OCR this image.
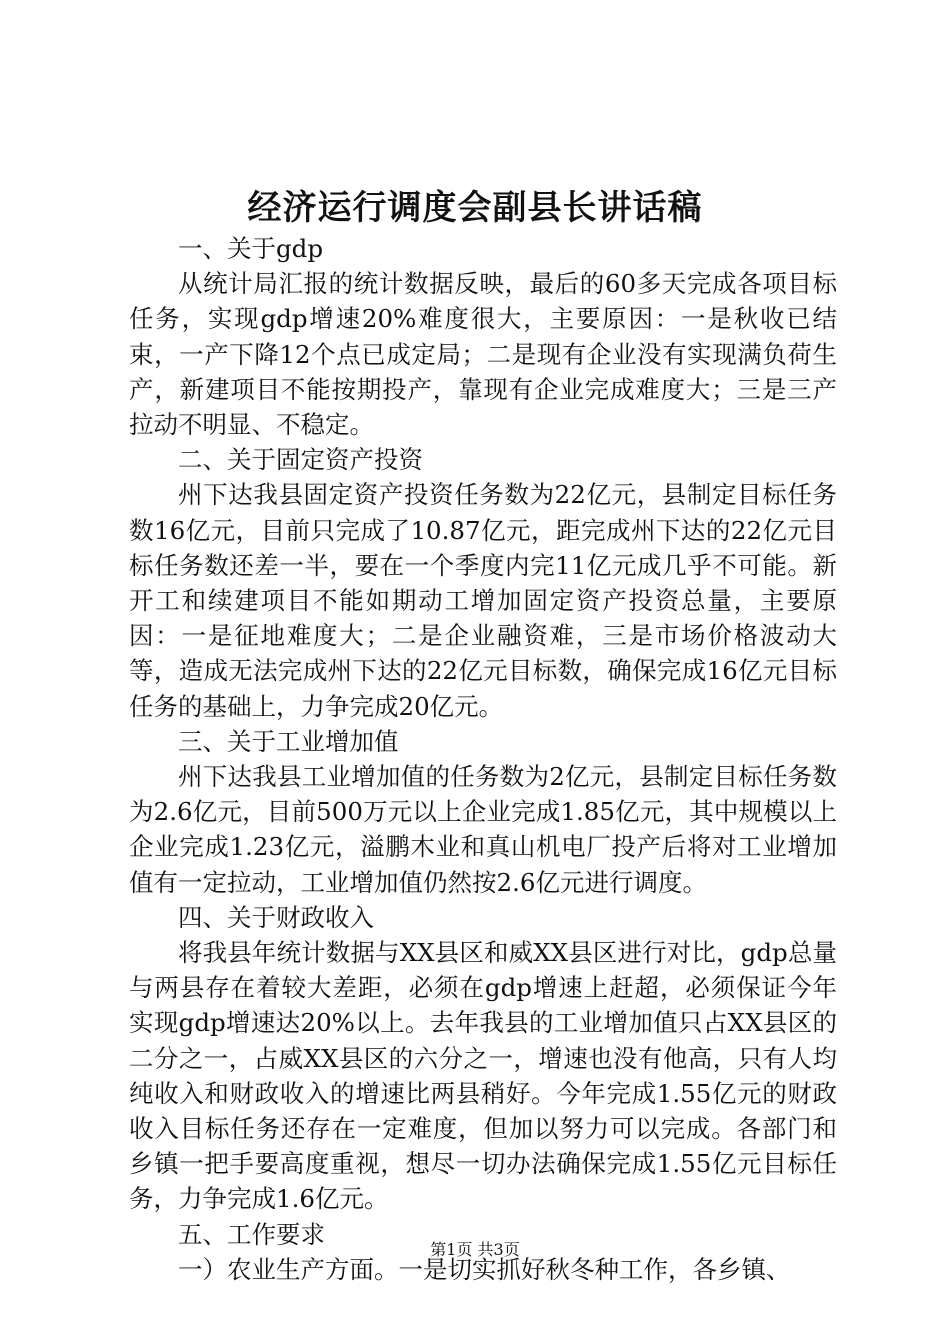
经济运行调度会副县长讲话稿

一、关于gdp

从统计局汇报的统计数据反映，最后的60多天完成各项目标任务，实现gdp增速20%难度很大，主要原因：一是秋收已结束，一产下降12个点已成定局；二是现有企业没有实现满负荷生产，新建项目不能按期投产，靠现有企业完成难度大；三是三产拉动不明显、不稳定。

二、关于固定资产投资

州下达我县固定资产投资任务数为22亿元，县制定目标任务数16亿元，目前只完成了10.87亿元，距完成州下达的22亿元目标任务数还差一半，要在一个季度内完11亿元成几乎不可能。新开工和续建项目不能如期动工增加固定资产投资总量，主要原因：一是征地难度大；二是企业融资难，三是市场价格波动大等，造成无法完成州下达的22亿元目标数，确保完成16亿元目标任务的基础上，力争完成20亿元。

三、关于工业增加值

州下达我县工业增加值的任务数为2亿元，县制定目标任务数为2.6亿元，目前500万元以上企业完成1.85亿元，其中规模以上企业完成1.23亿元，溢鹏木业和真山机电厂投产后将对工业增加值有一定拉动，工业增加值仍然按2.6亿元进行调度。

四、关于财政收入

将我县年统计数据与XX县区和威XX县区进行对比，gdp总量与两县存在着较大差距，必须在gdp增速上赶超，必须保证今年实现gdp增速达20%以上。去年我县的工业增加值只占XX县区的二分之一，占威XX县区的六分之一，增速也没有他高，只有人均纯收入和财政收入的增速比两县稍好。今年完成1.55亿元的财政收入目标任务还存在一定难度，但加以努力可以完成。各部门和乡镇一把手要高度重视，想尽一切办法确保完成1.55亿元目标任务，力争完成1.6亿元。

五、工作要求

一）农业生产方面。一是切实抓好秋冬种工作，各乡镇、

第1页 共3页
